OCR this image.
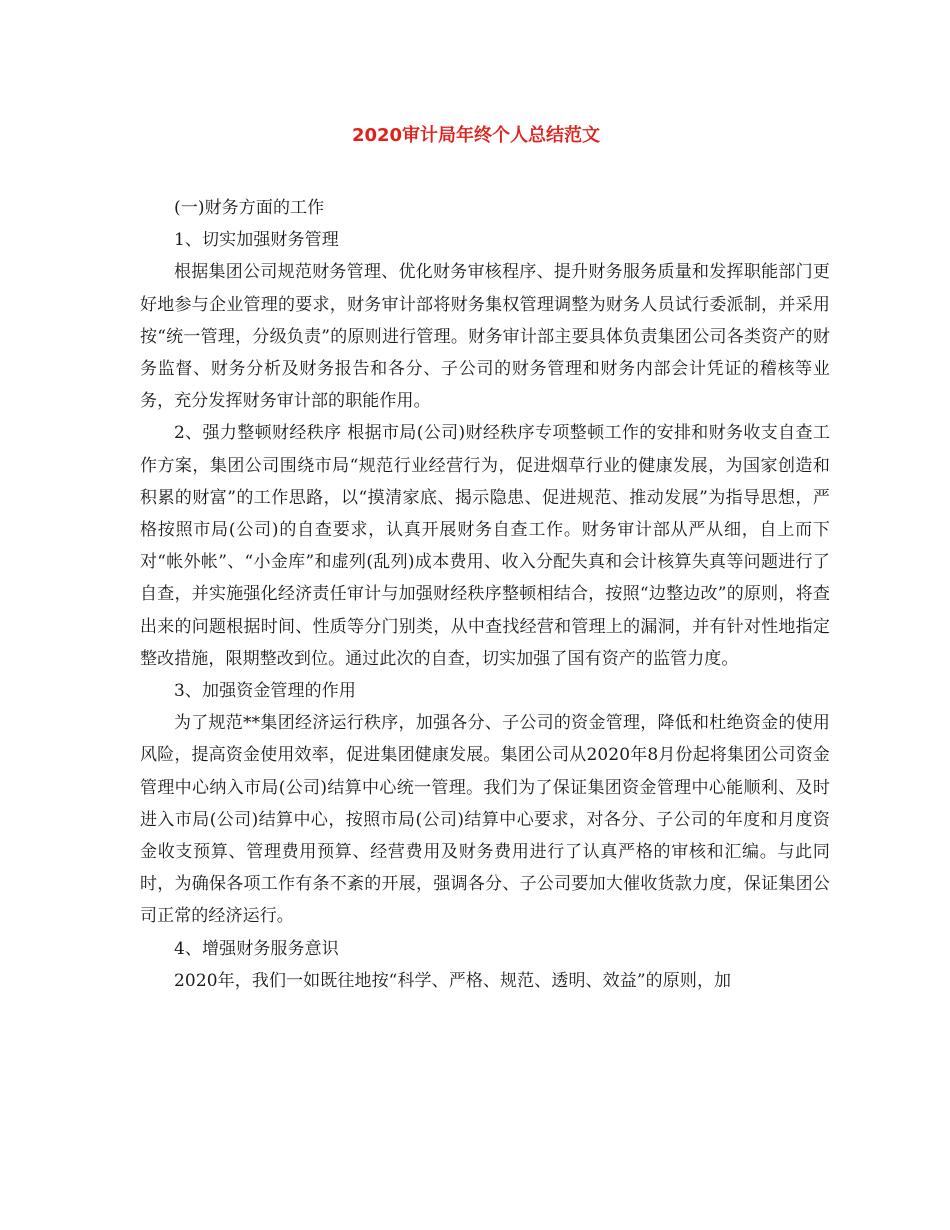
2020审计局年终个人总结范文

(一)财务方面的工作

1、切实加强财务管理

根据集团公司规范财务管理、优化财务审核程序、提升财务服务质量和发挥职能部门更好地参与企业管理的要求，财务审计部将财务集权管理调整为财务人员试行委派制，并采用按“统一管理，分级负责”的原则进行管理。财务审计部主要具体负责集团公司各类资产的财务监督、财务分析及财务报告和各分、子公司的财务管理和财务内部会计凭证的稽核等业务，充分发挥财务审计部的职能作用。

2、强力整顿财经秩序 根据市局(公司)财经秩序专项整顿工作的安排和财务收支自查工作方案，集团公司围绕市局“规范行业经营行为，促进烟草行业的健康发展，为国家创造和积累的财富”的工作思路，以“摸清家底、揭示隐患、促进规范、推动发展”为指导思想，严格按照市局(公司)的自查要求，认真开展财务自查工作。财务审计部从严从细，自上而下对“帐外帐”、“小金库”和虚列(乱列)成本费用、收入分配失真和会计核算失真等问题进行了自查，并实施强化经济责任审计与加强财经秩序整顿相结合，按照“边整边改”的原则，将查出来的问题根据时间、性质等分门别类，从中查找经营和管理上的漏洞，并有针对性地指定整改措施，限期整改到位。通过此次的自查，切实加强了国有资产的监管力度。

3、加强资金管理的作用

为了规范**集团经济运行秩序，加强各分、子公司的资金管理，降低和杜绝资金的使用风险，提高资金使用效率，促进集团健康发展。集团公司从2020年8月份起将集团公司资金管理中心纳入市局(公司)结算中心统一管理。我们为了保证集团资金管理中心能顺利、及时进入市局(公司)结算中心，按照市局(公司)结算中心要求，对各分、子公司的年度和月度资金收支预算、管理费用预算、经营费用及财务费用进行了认真严格的审核和汇编。与此同时，为确保各项工作有条不紊的开展，强调各分、子公司要加大催收货款力度，保证集团公司正常的经济运行。

4、增强财务服务意识

2020年，我们一如既往地按“科学、严格、规范、透明、效益”的原则，加
